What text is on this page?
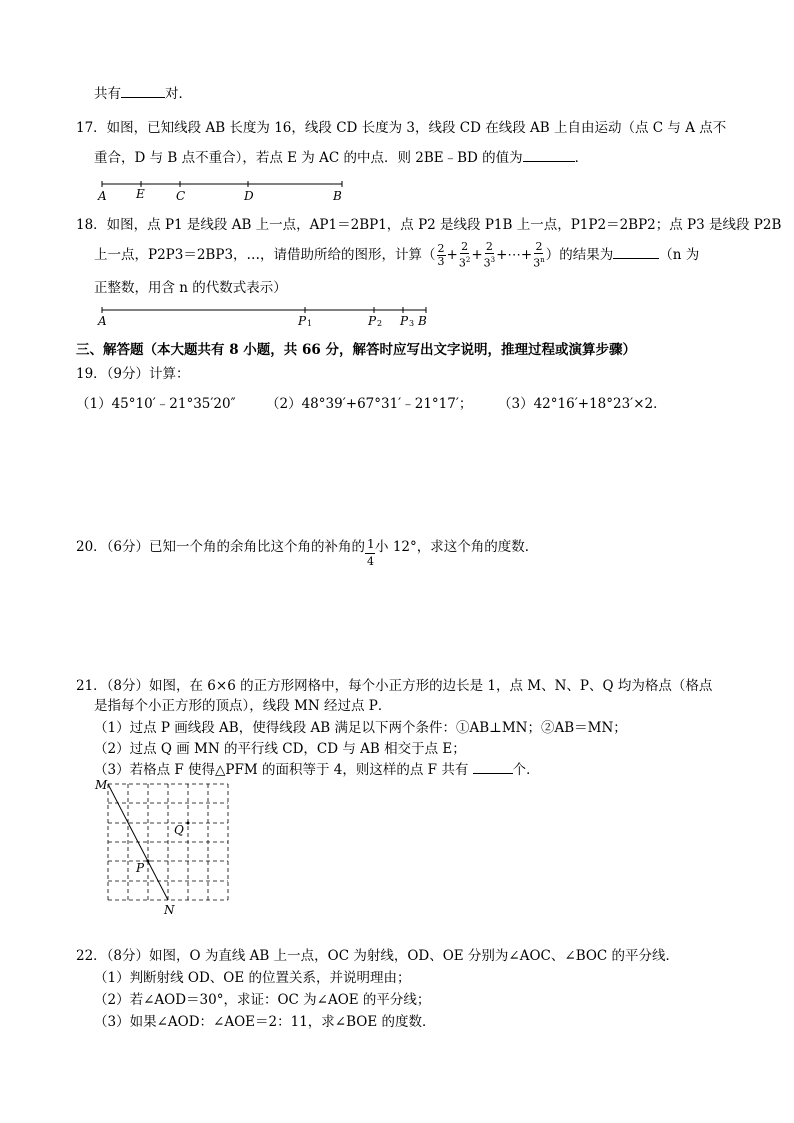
共有	对．
17．如图，已知线段 AB 长度为 16，线段 CD 长度为 3，线段 CD 在线段 AB 上自由运动（点 C 与 A 点不
重合，D 与 B 点不重合），若点 E 为 AC 的中点．则 2BE﹣BD 的值为	．
A E	C	D	B
18．如图，点 P1 是线段 AB 上一点，AP1＝2BP1，点 P2 是线段 P1B 上一点，P1P2＝2BP2；点 P3 是线段 P2B
上一点，P2P3＝2BP3，…，请借助所给的图形，计算（ $\frac{2}{3} + \frac{2}{3^2} + \frac{2}{3^3}$ +⋯+ $\frac{2}{3^n}$ ）的结果为	（n 为
正整数，用含 n 的代数式表示）
A	P 1	P 2 P 3 B
三、解答题（本大题共有 8 小题，共 66 分，解答时应写出文字说明，推理过程或演算步骤）
19．（9分）计算：
（1）45°10′﹣21°35′20″ （2）48°39′+67°31′﹣21°17′； （3）42°16′+18°23′×2．
20．（6分）已知一个角的余角比这个角的补角的 $\frac{1}{4}$ 小 12°，求这个角的度数．
21．（8分）如图，在 6×6 的正方形网格中，每个小正方形的边长是 1，点 M、N、P、Q 均为格点（格点
是指每个小正方形的顶点），线段 MN 经过点 P．
（1）过点 P 画线段 AB，使得线段 AB 满足以下两个条件：①AB⊥MN；②AB＝MN；
（2）过点 Q 画 MN 的平行线 CD，CD 与 AB 相交于点 E；
（3）若格点 F 使得△PFM 的面积等于 4，则这样的点 F 共有	个．
M
N
P
Q
22．（8分）如图，O 为直线 AB 上一点，OC 为射线，OD、OE 分别为∠AOC、∠BOC 的平分线．
（1）判断射线 OD、OE 的位置关系，并说明理由；
（2）若∠AOD＝30°，求证：OC 为∠AOE 的平分线；
（3）如果∠AOD：∠AOE＝2：11，求∠BOE 的度数．
